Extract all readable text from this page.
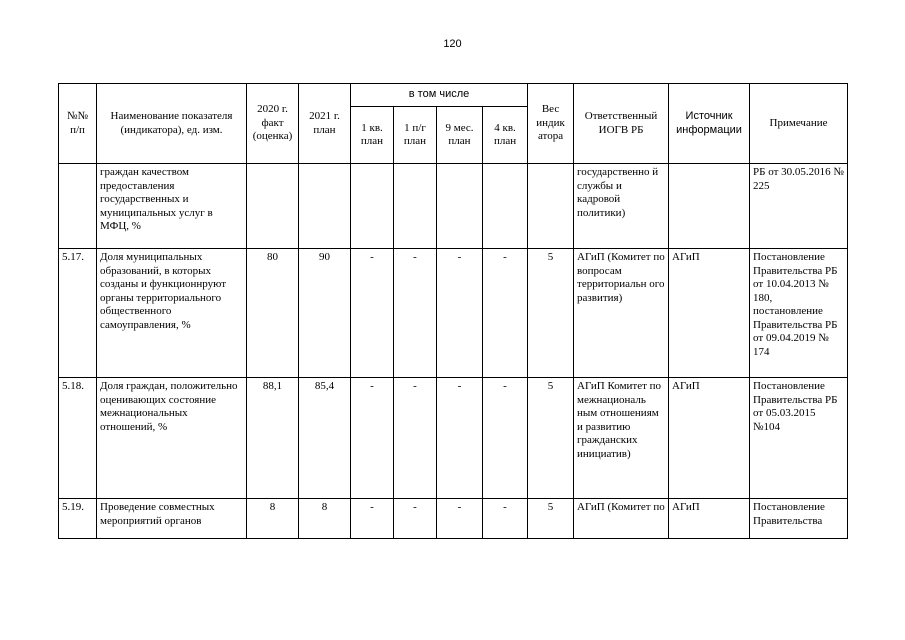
120
№№ п/п	Наименование показателя (индикатора), ед. изм.	2020 г. факт (оценка)	2021 г. план	в том числе				Вес индик атора	Ответственный ИОГВ РБ	Источник информации	Примечание
				1 кв. план	1 п/г план	9 мес. план	4 кв. план				
	граждан качеством предоставления государственных и муниципальных услуг в МФЦ, %								государственно й службы и кадровой политики)		РБ от 30.05.2016 № 225
5.17.	Доля муниципальных образований, в которых созданы и функционнруют органы территориального общественного самоуправления, %	80	90	-	-	-	-	5	АГиП (Комитет по вопросам территориальн ого развития)	АГиП	Постановление Правительства РБ от 10.04.2013 № 180, постановление Правительства РБ от 09.04.2019 № 174
5.18.	Доля граждан, положительно оценивающих состояние межнациональных отношений, %	88,1	85,4	-	-	-	-	5	АГиП Комитет по межнациональ ным отношениям и развитию гражданских инициатив)	АГиП	Постановление Правительства РБ от 05.03.2015 №104
5.19.	Проведение совместных мероприятий органов	8	8	-	-	-	-	5	АГиП (Комитет по	АГиП	Постановление Правительства
